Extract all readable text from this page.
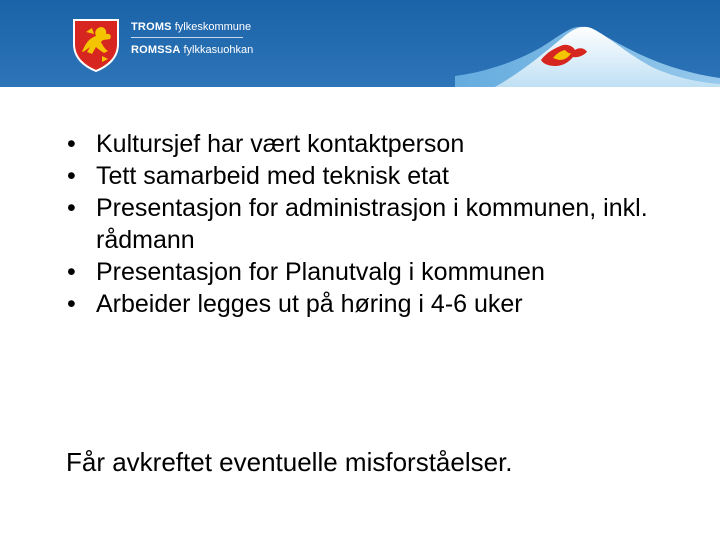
TROMS fylkeskommune
ROMSSA fylkkasuohkan
• Kultursjef har vært kontaktperson
• Tett samarbeid med teknisk etat
• Presentasjon for administrasjon i kommunen, inkl. rådmann
• Presentasjon for Planutvalg i kommunen
• Arbeider legges ut på høring i 4-6 uker
Får avkreftet eventuelle misforståelser.
